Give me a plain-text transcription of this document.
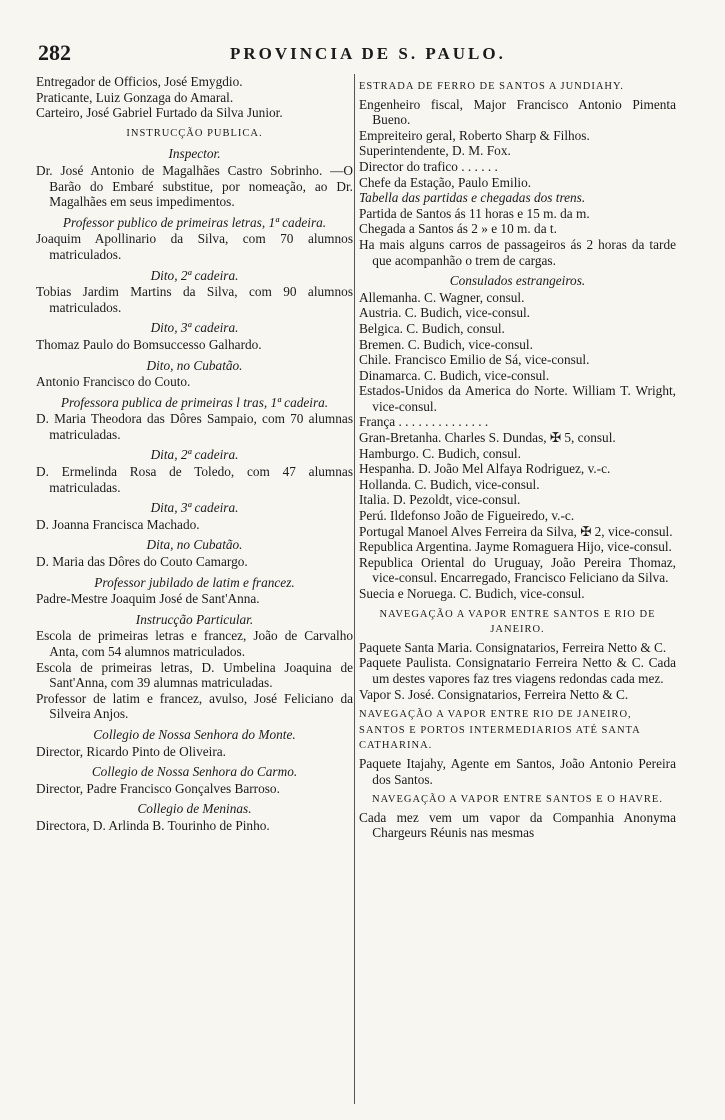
282	PROVINCIA DE S. PAULO.

Entregador de Officios, José Emygdio.

Praticante, Luiz Gonzaga do Amaral.

Carteiro, José Gabriel Furtado da Silva Junior.

INSTRUCÇÃO PUBLICA.

Inspector.

Dr. José Antonio de Magalhães Castro Sobrinho. —O Barão do Embaré substitue, por nomeação, ao Dr. Magalhães em seus impedimentos.

Professor publico de primeiras letras, 1ª cadeira.

Joaquim Apollinario da Silva, com 70 alumnos matriculados.

Dito, 2ª cadeira.

Tobias Jardim Martins da Silva, com 90 alumnos matriculados.

Dito, 3ª cadeira.

Thomaz Paulo do Bomsuccesso Galhardo.

Dito, no Cubatão.

Antonio Francisco do Couto.

Professora publica de primeiras l tras, 1ª cadeira.

D. Maria Theodora das Dôres Sampaio, com 70 alumnas matriculadas.

Dita, 2ª cadeira.

D. Ermelinda Rosa de Toledo, com 47 alumnas matriculadas.

Dita, 3ª cadeira.

D. Joanna Francisca Machado.

Dita, no Cubatão.

D. Maria das Dôres do Couto Camargo.

Professor jubilado de latim e francez.

Padre-Mestre Joaquim José de Sant'Anna.

Instrucção Particular.

Escola de primeiras letras e francez, João de Carvalho Anta, com 54 alumnos matriculados.

Escola de primeiras letras, D. Umbelina Joaquina de Sant'Anna, com 39 alumnas matriculadas.

Professor de latim e francez, avulso, José Feliciano da Silveira Anjos.

Collegio de Nossa Senhora do Monte.

Director, Ricardo Pinto de Oliveira.

Collegio de Nossa Senhora do Carmo.

Director, Padre Francisco Gonçalves Barroso.

Collegio de Meninas.

Directora, D. Arlinda B. Tourinho de Pinho.

ESTRADA DE FERRO DE SANTOS A JUNDIAHY.

Engenheiro fiscal, Major Francisco Antonio Pimenta Bueno.

Empreiteiro geral, Roberto Sharp & Filhos.

Superintendente, D. M. Fox.

Director do trafico . . . . . .

Chefe da Estação, Paulo Emilio.

Tabella das partidas e chegadas dos trens.

Partida de Santos ás 11 horas e 15 m. da m.

Chegada a Santos ás 2 » e 10 m. da t.

Ha mais alguns carros de passageiros ás 2 horas da tarde que acompanhão o trem de cargas.

Consulados estrangeiros.

Allemanha. C. Wagner, consul.

Austria. C. Budich, vice-consul.

Belgica. C. Budich, consul.

Bremen. C. Budich, vice-consul.

Chile. Francisco Emilio de Sá, vice-consul.

Dinamarca. C. Budich, vice-consul.

Estados-Unidos da America do Norte. William T. Wright, vice-consul.

França . . . . . . . . . . . . . .

Gran-Bretanha. Charles S. Dundas, ✠ 5, consul.

Hamburgo. C. Budich, consul.

Hespanha. D. João Mel Alfaya Rodriguez, v.-c.

Hollanda. C. Budich, vice-consul.

Italia. D. Pezoldt, vice-consul.

Perú. Ildefonso João de Figueiredo, v.-c.

Portugal Manoel Alves Ferreira da Silva, ✠ 2, vice-consul.

Republica Argentina. Jayme Romaguera Hijo, vice-consul.

Republica Oriental do Uruguay, João Pereira Thomaz, vice-consul. Encarregado, Francisco Feliciano da Silva.

Suecia e Noruega. C. Budich, vice-consul.

NAVEGAÇÃO A VAPOR ENTRE SANTOS E RIO DE JANEIRO.

Paquete Santa Maria. Consignatarios, Ferreira Netto & C.

Paquete Paulista. Consignatario Ferreira Netto & C. Cada um destes vapores faz tres viagens redondas cada mez.

Vapor S. José. Consignatarios, Ferreira Netto & C.

NAVEGAÇÃO A VAPOR ENTRE RIO DE JANEIRO, SANTOS E PORTOS INTERMEDIARIOS ATÉ SANTA CATHARINA.

Paquete Itajahy, Agente em Santos, João Antonio Pereira dos Santos.

NAVEGAÇÃO A VAPOR ENTRE SANTOS E O HAVRE.

Cada mez vem um vapor da Companhia Anonyma Chargeurs Réunis nas mesmas
